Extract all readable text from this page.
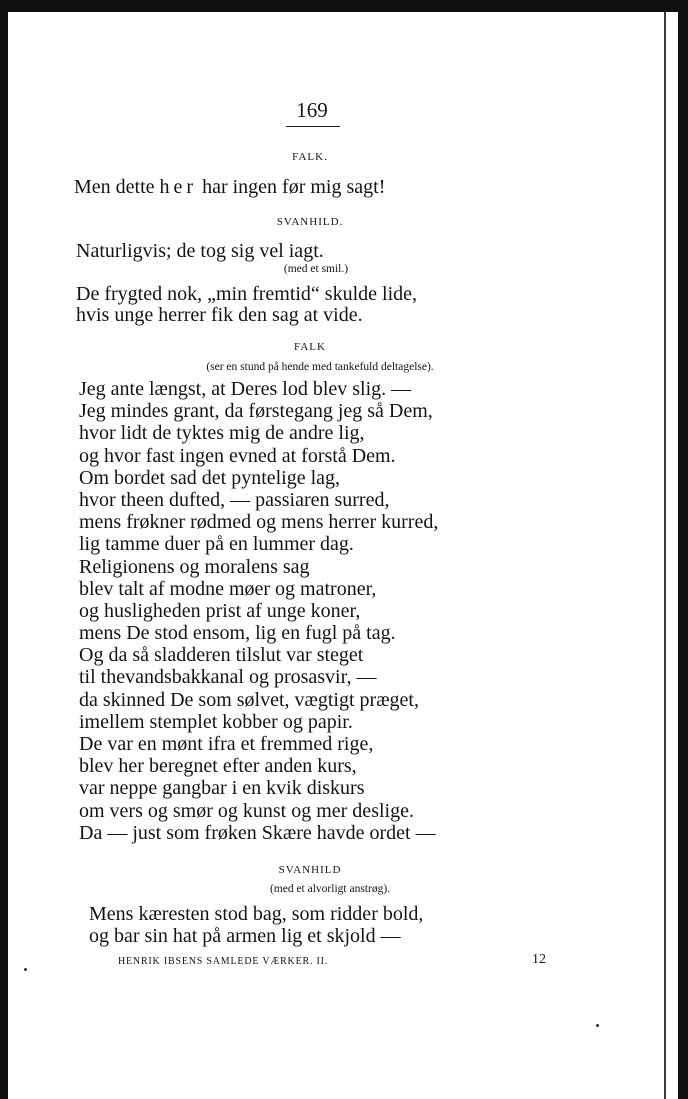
169
FALK.
Men dette her har ingen før mig sagt!
SVANHILD.
Naturligvis; de tog sig vel iagt.
(med et smil.)
De frygted nok, „min fremtid“ skulde lide,
hvis unge herrer fik den sag at vide.
FALK
(ser en stund på hende med tankefuld deltagelse).
Jeg ante længst, at Deres lod blev slig. —
Jeg mindes grant, da førstegang jeg så Dem,
hvor lidt de tyktes mig de andre lig,
og hvor fast ingen evned at forstå Dem.
Om bordet sad det pyntelige lag,
hvor theen dufted, — passiaren surred,
mens frøkner rødmed og mens herrer kurred,
lig tamme duer på en lummer dag.
Religionens og moralens sag
blev talt af modne møer og matroner,
og husligheden prist af unge koner,
mens De stod ensom, lig en fugl på tag.
Og da så sladderen tilslut var steget
til thevandsbakkanal og prosasvir, —
da skinned De som sølvet, vægtigt præget,
imellem stemplet kobber og papir.
De var en mønt ifra et fremmed rige,
blev her beregnet efter anden kurs,
var neppe gangbar i en kvik diskurs
om vers og smør og kunst og mer deslige.
Da — just som frøken Skære havde ordet —
SVANHILD
(med et alvorligt anstrøg).
Mens kæresten stod bag, som ridder bold,
og bar sin hat på armen lig et skjold —
HENRIK IBSENS SAMLEDE VÆRKER. II.	12
